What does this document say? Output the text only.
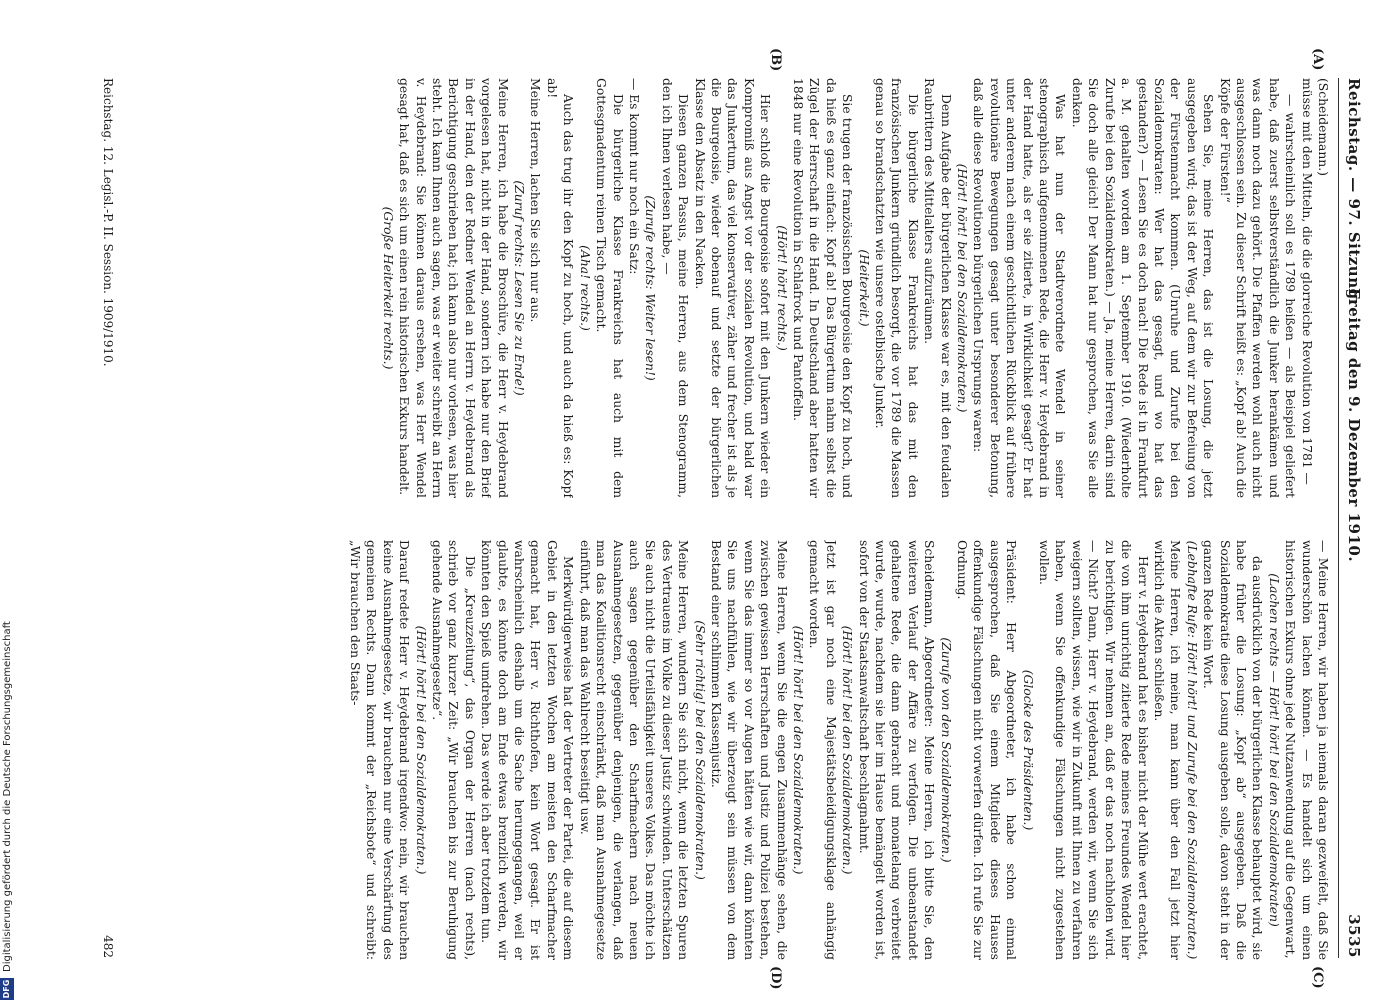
Reichstag. — 97. Sitzung.
Freitag den 9. Dezember 1910.
3535
(A)
(B)
(C)
(D)

(Scheidemann.)

müsse mit den Mitteln, die die glorreiche Revolution von 1781 —

— wahrscheinlich soll es 1789 heißen — als Beispiel geliefert habe, daß zuerst selbstverständlich die Junker herankämen und was dann noch dazu gehört. Die Pfaffen werden wohl auch nicht ausgeschlossen sein. Zu dieser Schrift heißt es: „Kopf ab! Auch die Köpfe der Fürsten!“

Sehen Sie, meine Herren, das ist die Losung, die jetzt ausgegeben wird; das ist der Weg, auf dem wir zur Befreiung von der Fürstenmacht kommen. (Unruhe und Zurufe bei den Sozialdemokraten: Wer hat das gesagt, und wo hat das gestanden?) — Lesen Sie es doch nach! Die Rede ist in Frankfurt a. M. gehalten worden am 1. September 1910. (Wiederholte Zurufe bei den Sozialdemokraten.) — Ja, meine Herren, darin sind Sie doch alle gleich! Der Mann hat nur gesprochen, was Sie alle denken.

Was hat nun der Stadtverordnete Wendel in seiner stenographisch aufgenommenen Rede, die Herr v. Heydebrand in der Hand hatte, als er sie zitierte, in Wirklichkeit gesagt? Er hat unter anderem nach einem geschichtlichen Rückblick auf frühere revolutionäre Bewegungen gesagt unter besonderer Betonung, daß alle diese Revolutionen bürgerlichen Ursprungs waren:

(Hört! hört! bei den Sozialdemokraten.)

Denn Aufgabe der bürgerlichen Klasse war es, mit den feudalen Raubrittern des Mittelalters aufzuräumen.

Die bürgerliche Klasse Frankreichs hat das mit den französischen Junkern gründlich besorgt, die vor 1789 die Massen genau so brandschatzten wie unsere ostelbische Junker.

(Heiterkeit.)

Sie trugen der französischen Bourgeoisie den Kopf zu hoch, und da hieß es ganz einfach: Kopf ab! Das Bürgertum nahm selbst die Zügel der Herrschaft in die Hand. In Deutschland aber hatten wir 1848 nur eine Revolution in Schlafrock und Pantoffeln.

(Hört! hört! rechts.)

Hier schloß die Bourgeoisie sofort mit den Junkern wieder ein Kompromiß aus Angst vor der sozialen Revolution, und bald war das Junkertum, das viel konservativer, zäher und frecher ist als je die Bourgeoisie, wieder obenauf und setzte der bürgerlichen Klasse den Absatz in den Nacken.

Diesen ganzen Passus, meine Herren, aus dem Stenogramm, den ich Ihnen verlesen habe, —

(Zurufe rechts: Weiter lesen!)

— Es kommt nur noch ein Satz:

Die bürgerliche Klasse Frankreichs hat auch mit dem Gottesgnadentum reinen Tisch gemacht.

(Aha! rechts.)

Auch das trug ihr den Kopf zu hoch, und auch da hieß es: Kopf ab!

Meine Herren, lachen Sie sich nur aus.

(Zuruf rechts: Lesen Sie zu Ende!)

Meine Herren, ich habe die Broschüre, die Herr v. Heydebrand vorgelesen hat, nicht in der Hand, sondern ich habe nur den Brief in der Hand, den der Redner Wendel an Herrn v. Heydebrand als Berichtigung geschrieben hat; ich kann also nur vorlesen, was hier steht. Ich kann Ihnen auch sagen, was er weiter schreibt an Herrn v. Heydebrand: Sie können daraus ersehen, was Herr Wendel gesagt hat, daß es sich um einen rein historischen Exkurs handelt.

(Große Heiterkeit rechts.)

— Meine Herren, wir haben ja niemals daran gezweifelt, daß Sie wunderschön lachen können. — Es handelt sich um einen historischen Exkurs ohne jede Nutzanwendung auf die Gegenwart,

(Lachen rechts — Hört! hört! bei den Sozialdemokraten)

da ausdrücklich von der bürgerlichen Klasse behauptet wird, sie habe früher die Losung: „Kopf ab“ ausgegeben. Daß die Sozialdemokratie diese Losung ausgeben solle, davon steht in der ganzen Rede kein Wort.

(Lebhafte Rufe: Hört! hört! und Zurufe bei den Sozialdemokraten.)

Meine Herren, ich meine, man kann über den Fall jetzt hier wirklich die Akten schließen.

Herr v. Heydebrand hat es bisher nicht der Mühe wert erachtet, die von ihm unrichtig zitierte Rede meines Freundes Wendel hier zu berichtigen. Wir nehmen an, daß er das noch nachholen wird. — Nicht? Dann, Herr v. Heydebrand, werden wir, wenn Sie sich weigern sollten, wissen, wie wir in Zukunft mit Ihnen zu verfahren haben, wenn Sie offenkundige Fälschungen nicht zugestehen wollen.

(Glocke des Präsidenten.)

Präsident: Herr Abgeordneter, ich habe schon einmal ausgesprochen, daß Sie einem Mitgliede dieses Hauses offenkundige Fälschungen nicht vorwerfen dürfen. Ich rufe Sie zur Ordnung.

(Zurufe von den Sozialdemokraten.)

Scheidemann, Abgeordneter: Meine Herren, ich bitte Sie, den weiteren Verlauf der Affäre zu verfolgen. Die unbeanstandet gehaltene Rede, die dann gebracht und monatelang verbreitet wurde, wurde, nachdem sie hier im Hause bemängelt worden ist, sofort von der Staatsanwaltschaft beschlagnahmt.

(Hört! hört! bei den Sozialdemokraten.)

Jetzt ist gar noch eine Majestätsbeleidigungsklage anhängig gemacht worden.

(Hört! hört! bei den Sozialdemokraten.)

Meine Herren, wenn Sie die engen Zusammenhänge sehen, die zwischen gewissen Herrschaften und Justiz und Polizei bestehen, wenn Sie das immer so vor Augen hätten wie wir, dann könnten Sie uns nachfühlen, wie wir überzeugt sein müssen von dem Bestand einer schlimmen Klassenjustiz.

(Sehr richtig! bei den Sozialdemokraten.)

Meine Herren, wundern Sie sich nicht, wenn die letzten Spuren des Vertrauens im Volke zu dieser Justiz schwinden. Unterschätzen Sie auch nicht die Urteilsfähigkeit unseres Volkes. Das möchte ich auch sagen gegenüber den Scharfmachern nach neuen Ausnahmegesetzen, gegenüber denjenigen, die verlangen, daß man das Koalitionsrecht einschränkt, daß man Ausnahmegesetze einführt, daß man das Wahlrecht beseitigt usw.

Merkwürdigerweise hat der Vertreter der Partei, die auf diesem Gebiet in den letzten Wochen am meisten den Scharfmacher gemacht hat, Herr v. Richthofen, kein Wort gesagt. Er ist wahrscheinlich deshalb um die Sache herumgegangen, weil er glaubte, es könnte doch am Ende etwas brenzlich werden, wir könnten den Spieß umdrehen. Das werde ich aber trotzdem tun.

Die „Kreuzzeitung“, das Organ der Herren (nach rechts), schrieb vor ganz kurzer Zeit: „Wir brauchen bis zur Beruhigung gehende Ausnahmegesetze“.

(Hört! hört! bei den Sozialdemokraten.)

Darauf redete Herr v. Heydebrand irgendwo: nein, wir brauchen keine Ausnahmegesetze, wir brauchen nur eine Verschärfung des gemeinen Rechts. Dann kommt der „Reichsbote“ und schreibt: „Wir brauchen den Staats-

Reichstag. 12. Legisl.-P. II. Session. 1909/1910.
482
DFG
Digitalisierung gefördert durch die Deutsche Forschungsgemeinschaft
